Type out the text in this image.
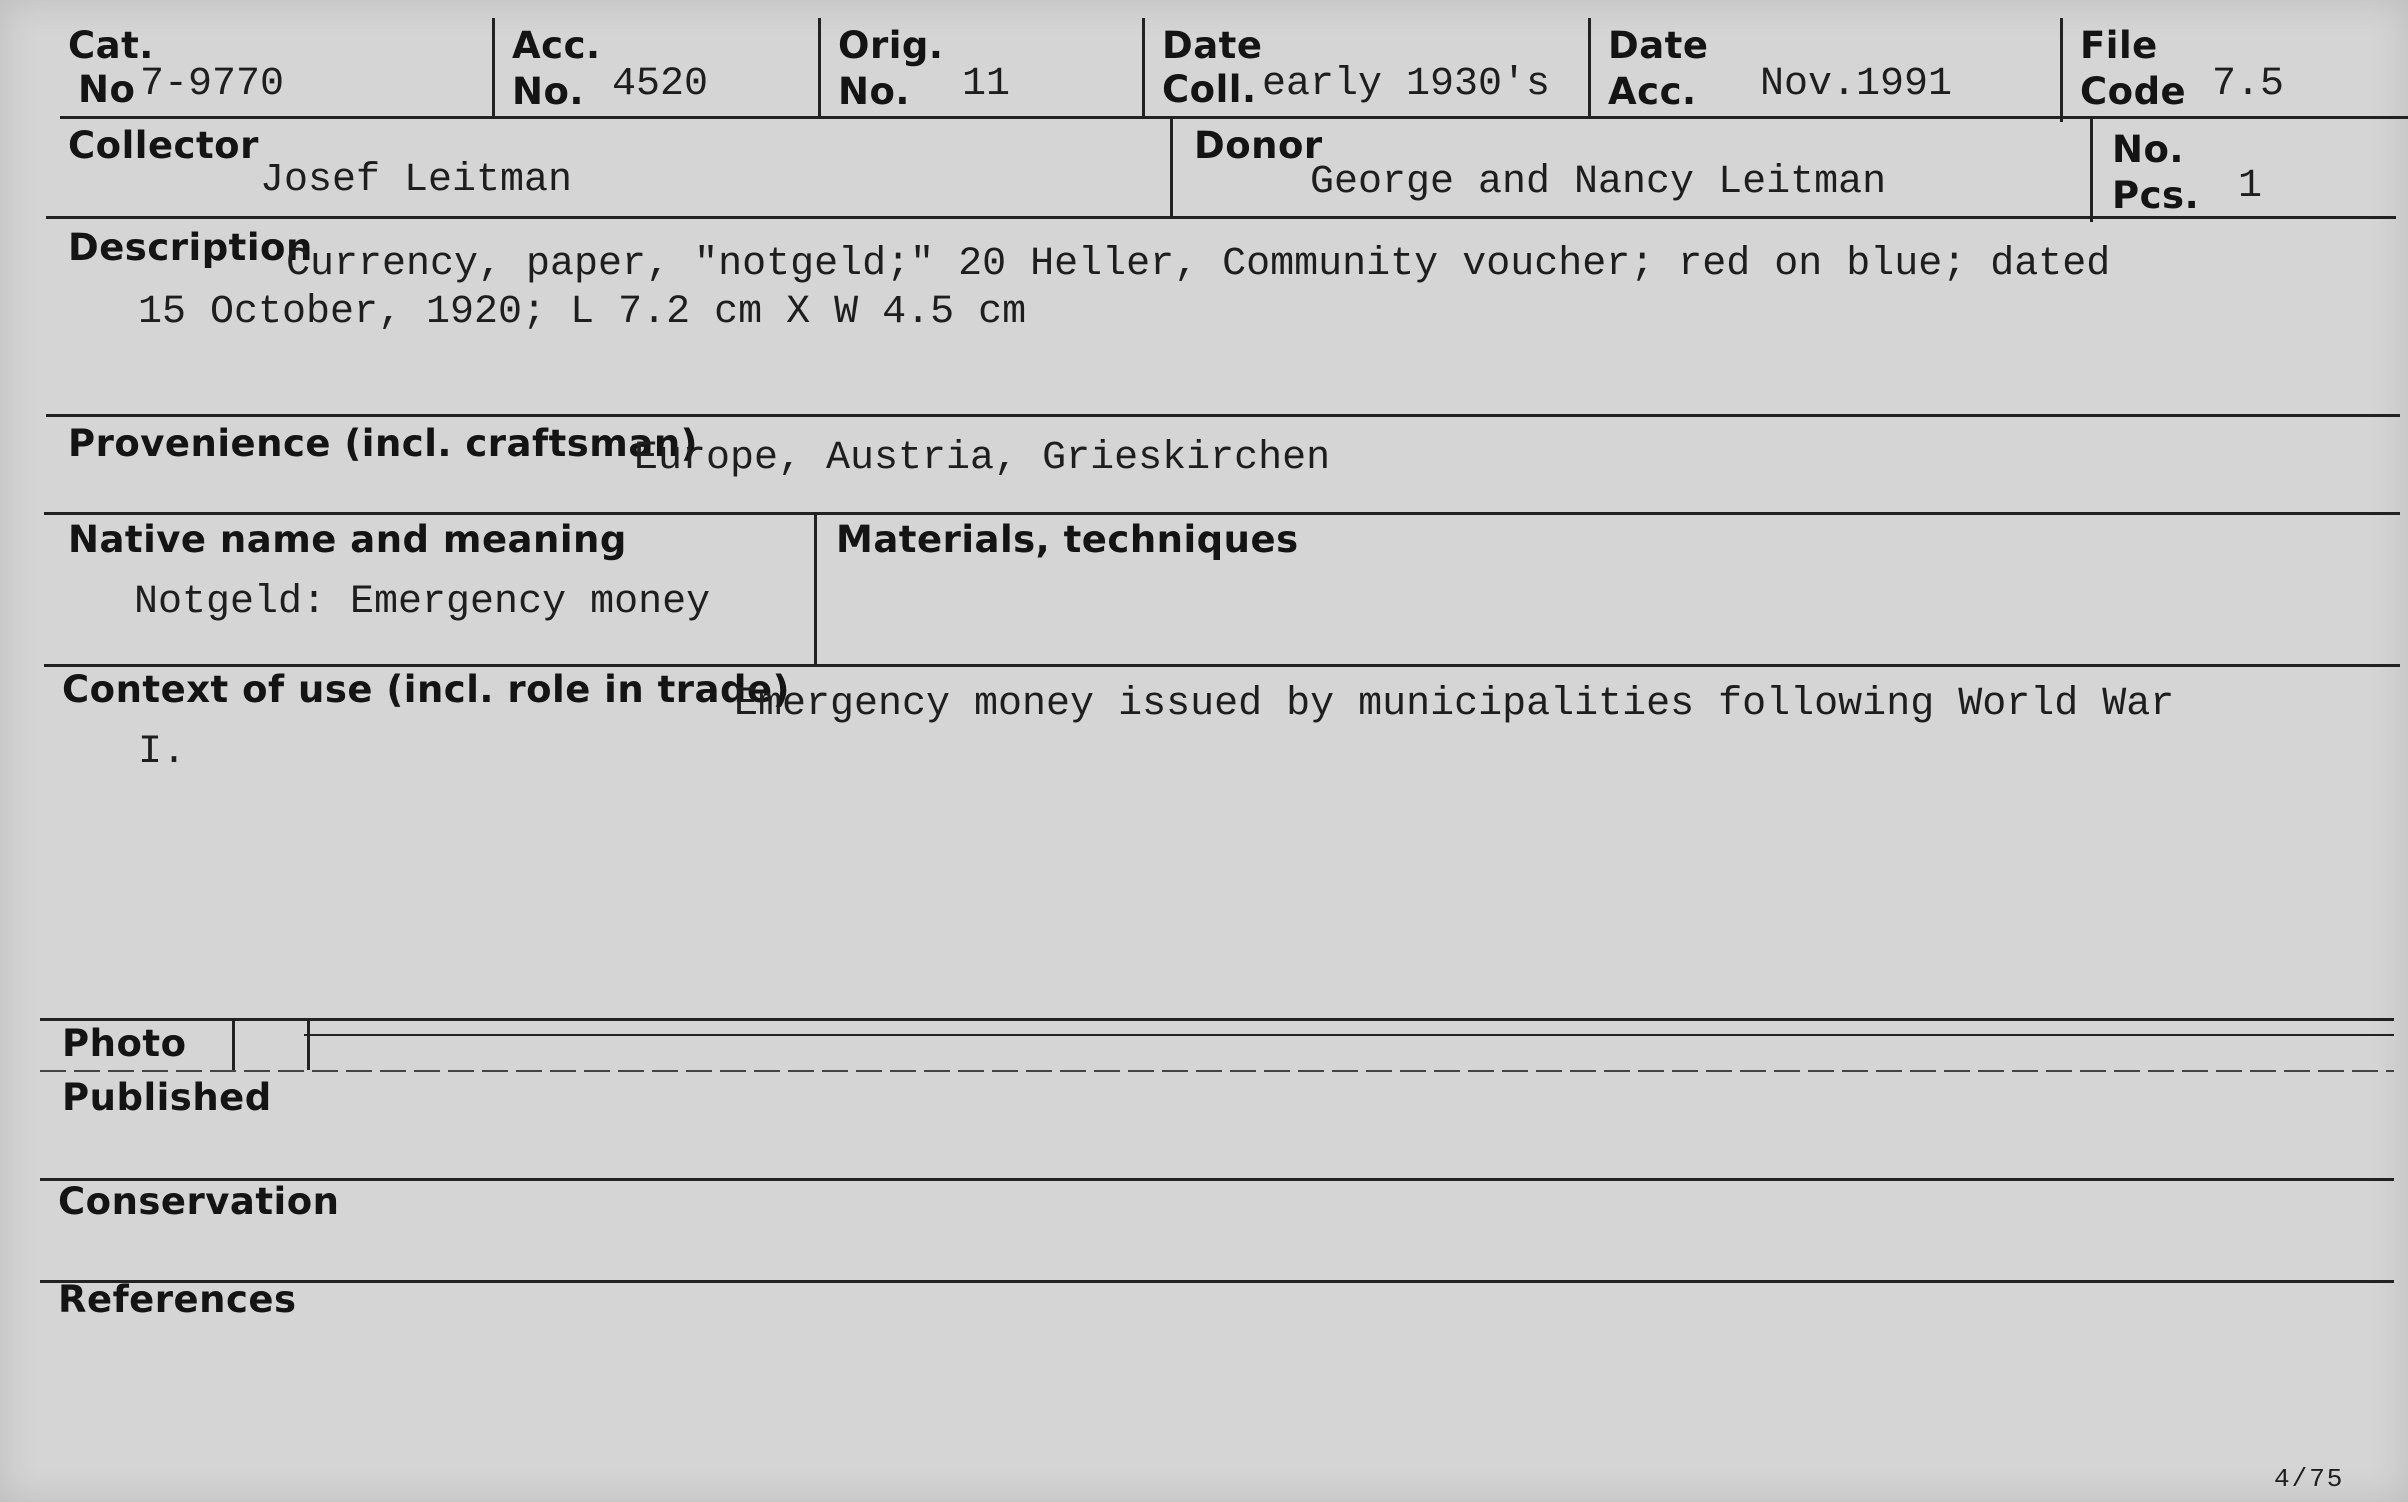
Cat.
No 7-9770
Acc.
No. 4520
Orig.
No. 11
Date
Coll. early 1930's
Date
Acc. Nov.1991
File
Code 7.5
Collector
Josef Leitman
Donor
George and Nancy Leitman
No.
Pcs. 1
Description
Currency, paper, "notgeld;" 20 Heller, Community voucher; red on blue; dated
15 October, 1920; L 7.2 cm X W 4.5 cm
Provenience (incl. craftsman)
Europe, Austria, Grieskirchen
Native name and meaning
Notgeld: Emergency money
Materials, techniques
Context of use (incl. role in trade)
Emergency money issued by municipalities following World War
I.
Photo
Published
Conservation
References
4/75
